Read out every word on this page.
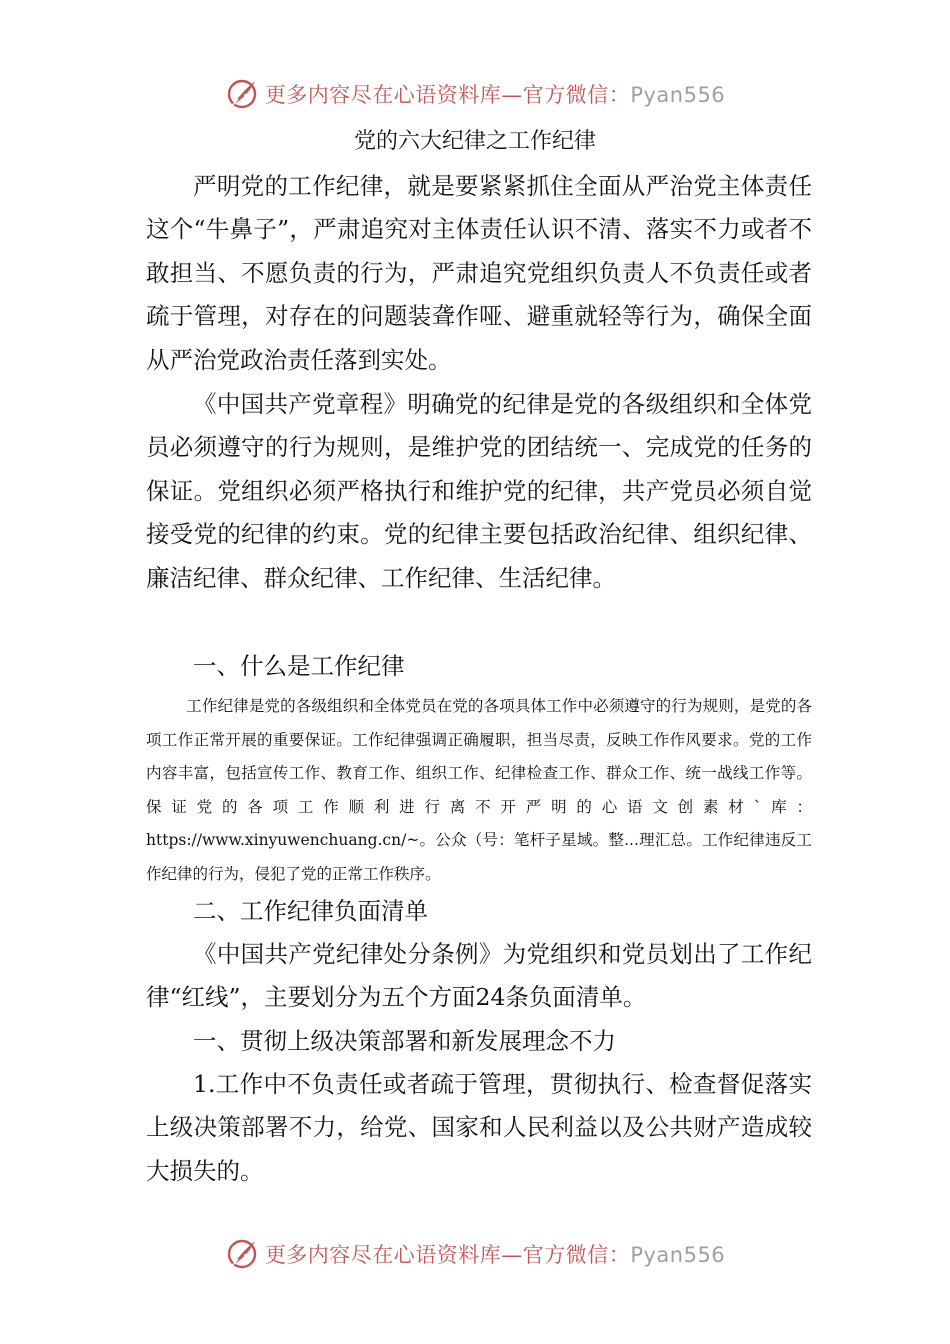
更多内容尽在心语资料库—官方微信：Pyan556
党的六大纪律之工作纪律

严明党的工作纪律，就是要紧紧抓住全面从严治党主体责任这个“牛鼻子”，严肃追究对主体责任认识不清、落实不力或者不敢担当、不愿负责的行为，严肃追究党组织负责人不负责任或者疏于管理，对存在的问题装聋作哑、避重就轻等行为，确保全面从严治党政治责任落到实处。

《中国共产党章程》明确党的纪律是党的各级组织和全体党员必须遵守的行为规则，是维护党的团结统一、完成党的任务的保证。党组织必须严格执行和维护党的纪律，共产党员必须自觉接受党的纪律的约束。党的纪律主要包括政治纪律、组织纪律、廉洁纪律、群众纪律、工作纪律、生活纪律。

一、什么是工作纪律

工作纪律是党的各级组织和全体党员在党的各项具体工作中必须遵守的行为规则，是党的各项工作正常开展的重要保证。工作纪律强调正确履职，担当尽责，反映工作作风要求。党的工作内容丰富，包括宣传工作、教育工作、组织工作、纪律检查工作、群众工作、统一战线工作等。保证党的各项工作顺利进行离不开严明的心语文创素材`库：https://www.xinyuwenchuang.cn/~。公众（号：笔杆子星域。整...理汇总。工作纪律违反工作纪律的行为，侵犯了党的正常工作秩序。

二、工作纪律负面清单

《中国共产党纪律处分条例》为党组织和党员划出了工作纪律“红线”，主要划分为五个方面24条负面清单。

一、贯彻上级决策部署和新发展理念不力

1.工作中不负责任或者疏于管理，贯彻执行、检查督促落实上级决策部署不力，给党、国家和人民利益以及公共财产造成较大损失的。

更多内容尽在心语资料库—官方微信：Pyan556
